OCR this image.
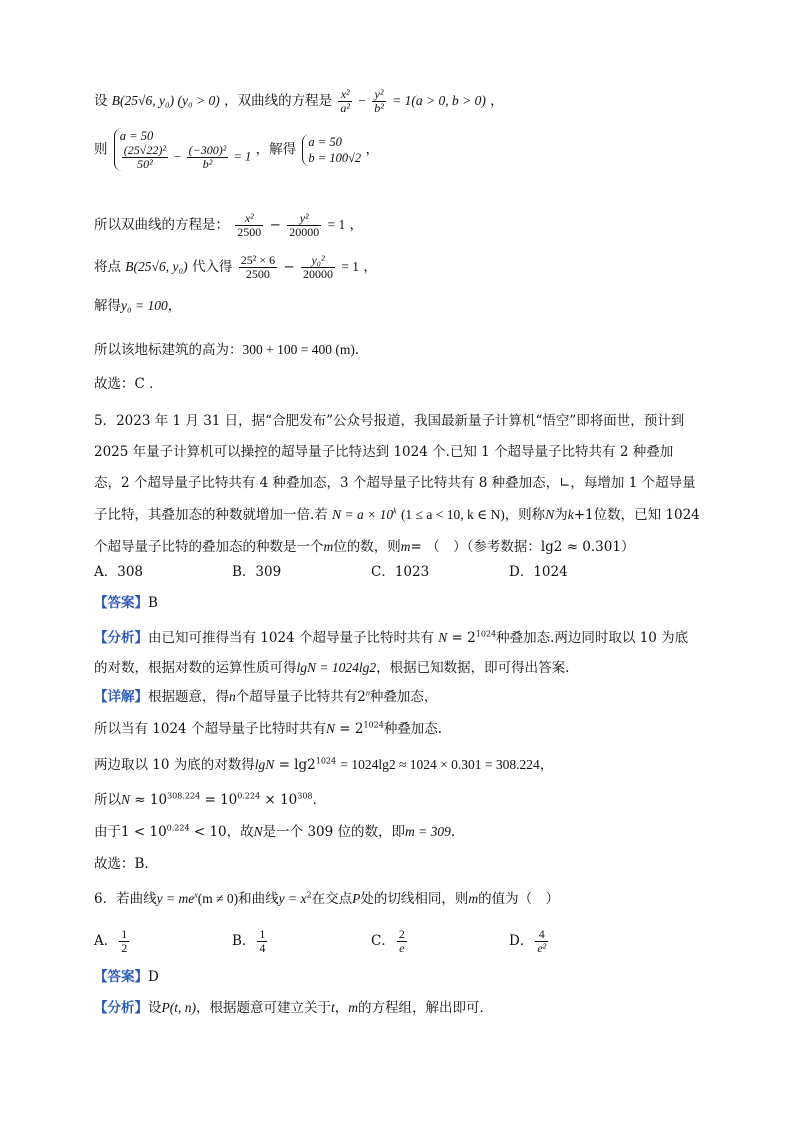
设 B(25√6, y₀) (y₀ > 0) ，双曲线的方程是 $\frac{\text{x²}}{\text{a²}} - \frac{\text{y²}}{\text{b²}} = 1(a > 0$, b > 0) ，
则
a = 50
$\frac{\text{(25√22)²}}{\text{50²}} - \frac{\text{(−300)²}}{\text{b²}} = 1$ ，解得 a = 50
b = 100√2 ，
所以双曲线的方程是： $\frac{\text{x²}}{2500} - \frac{\text{y²}}{20000} = 1$ ，
将点 B(25√6, y₀) 代入得 $\frac{\text{25² × 6}}{2500} - \frac{\text{y₀²}}{20000} = 1$ ，
解得y₀ = 100，
所以该地标建筑的高为：300 + 100 = 400 (m)．
故选：C ．
5．2023 年 1 月 31 日，据“合肥发布”公众号报道，我国最新量子计算机“悟空”即将面世，预计到 2025 年量子计算机可以操控的超导量子比特达到 1024 个.已知 1 个超导量子比特共有 2 种叠加态，2 个超导量子比特共有 4 种叠加态，3 个超导量子比特共有 8 种叠加态，∟，每增加 1 个超导量子比特，其叠加态的种数就增加一倍.若 $N = a \times 10^k$ (1 ≤ a < 10, k ∈ N)，则称N为k+1位数，已知 1024 个超导量子比特的叠加态的种数是一个m位的数，则m= （　）（参考数据：lg2 ≈ 0.301）
A．308	B．309	C．1023	D．1024
【答案】B
【分析】由已知可推得当有 1024 个超导量子比特时共有 $N = 2^{1024}$种叠加态.两边同时取以 10 为底的对数，根据对数的运算性质可得lgN = 1024lg2，根据已知数据，即可得出答案.
【详解】根据题意，得n个超导量子比特共有2$^n$种叠加态，
所以当有 1024 个超导量子比特时共有$N = 2^{1024}$种叠加态.
两边取以 10 为底的对数得$\lg N = \lg 2^{1024} = 1024\lg 2 \approx 1024 \times 0.301 = 308.224$，
所以$N \approx 10^{308.224} = 10^{0.224} \times 10^{308}$.
由于$1 < 10^{0.224} < 10$，故N是一个 309 位的数，即m = 309.
故选：B.
6．若曲线$y = me^x(m \ne 0)$和曲线$y = x^2$在交点P处的切线相同，则m的值为（　）
A． $\frac{1}{2}$	B． $\frac{1}{4}$	C． $\frac{2}{e}$	D． $\frac{4}{\text{e²}}$
【答案】D
【分析】设P(t, n)，根据题意可建立关于t，m的方程组，解出即可．
